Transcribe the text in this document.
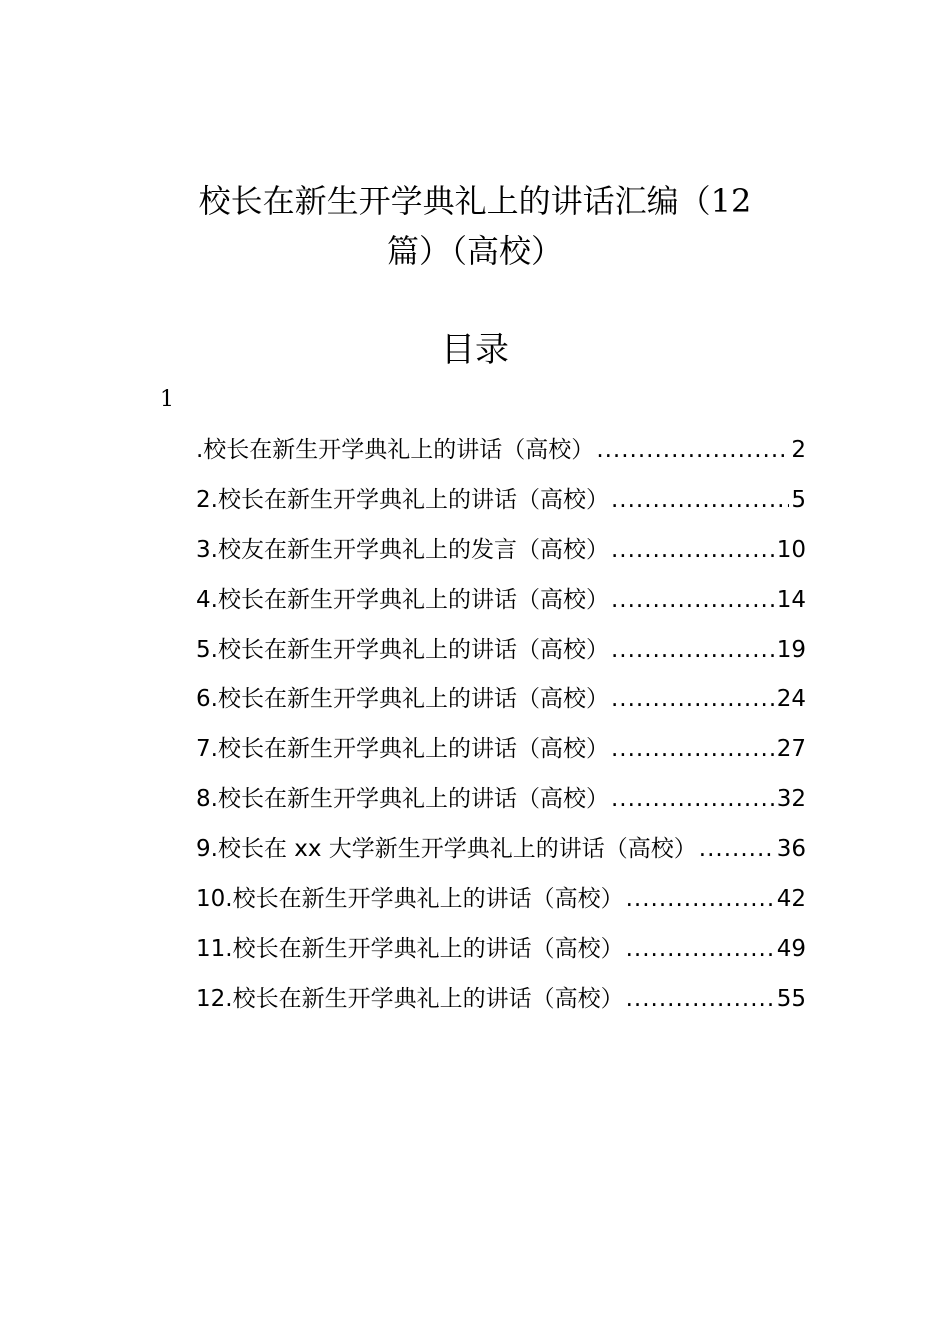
校长在新生开学典礼上的讲话汇编（12
篇）（高校）
目录
1
.校长在新生开学典礼上的讲话（高校） .....	2
2.校长在新生开学典礼上的讲话（高校） .....	5
3.校友在新生开学典礼上的发言（高校） .....	10
4.校长在新生开学典礼上的讲话（高校） .....	14
5.校长在新生开学典礼上的讲话（高校） .....	19
6.校长在新生开学典礼上的讲话（高校） .....	24
7.校长在新生开学典礼上的讲话（高校） .....	27
8.校长在新生开学典礼上的讲话（高校） .....	32
9.校长在 xx 大学新生开学典礼上的讲话（高校） .....	36
10.校长在新生开学典礼上的讲话（高校） .....	42
11.校长在新生开学典礼上的讲话（高校） .....	49
12.校长在新生开学典礼上的讲话（高校） .....	55
